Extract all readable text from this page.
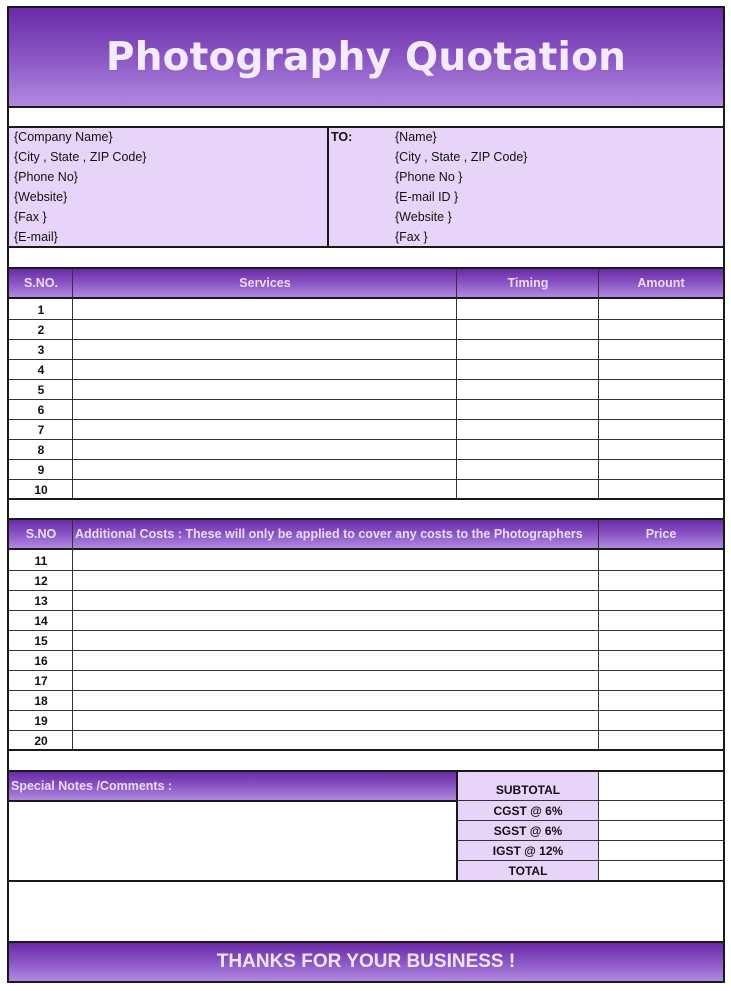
Photography Quotation
{Company Name}
{City , State , ZIP Code}
{Phone No}
{Website}
{Fax }
{E-mail}
TO:	{Name}
{City , State , ZIP Code}
{Phone No }
{E-mail ID }
{Website }
{Fax }
S.NO.	Services	Timing	Amount
1
2
3
4
5
6
7
8
9
10
S.NO	Additional Costs : These will only be applied to cover any costs to the Photographers	Price
11
12
13
14
15
16
17
18
19
20
Special Notes /Comments :	SUBTOTAL
CGST @ 6%
SGST @ 6%
IGST @ 12%
TOTAL
THANKS FOR YOUR BUSINESS !
